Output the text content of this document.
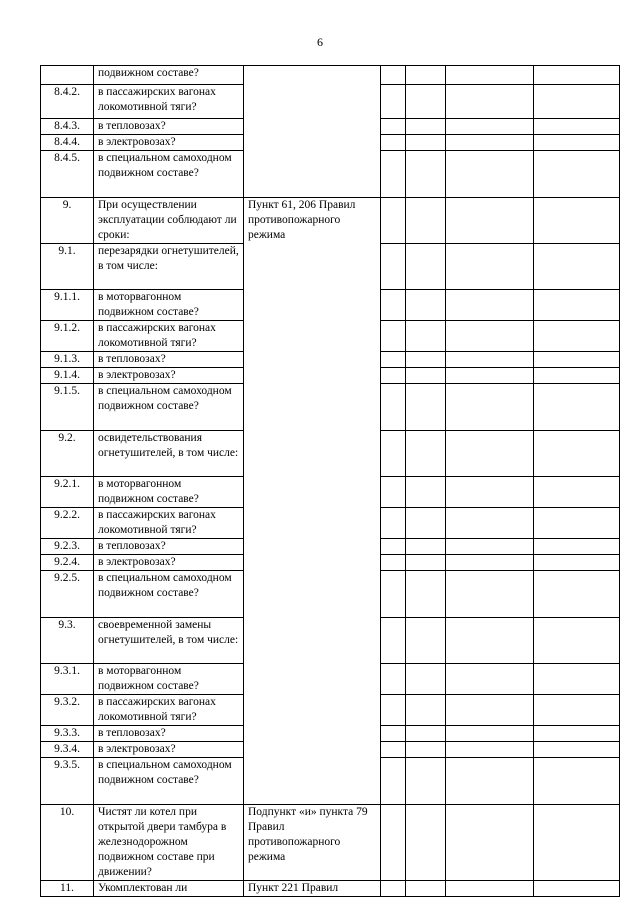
6
	подвижном составе?					
8.4.2.	в пассажирских вагонах локомотивной тяги?					
8.4.3.	в тепловозах?					
8.4.4.	в электровозах?					
8.4.5.	в специальном самоходном подвижном составе?					
9.	При осуществлении эксплуатации соблюдают ли сроки:	Пункт 61, 206 Правил противопожарного режима				
9.1.	перезарядки огнетушителей, в том числе:					
9.1.1.	в моторвагонном подвижном составе?					
9.1.2.	в пассажирских вагонах локомотивной тяги?					
9.1.3.	в тепловозах?					
9.1.4.	в электровозах?					
9.1.5.	в специальном самоходном подвижном составе?					
9.2.	освидетельствования огнетушителей, в том числе:					
9.2.1.	в моторвагонном подвижном составе?					
9.2.2.	в пассажирских вагонах локомотивной тяги?					
9.2.3.	в тепловозах?					
9.2.4.	в электровозах?					
9.2.5.	в специальном самоходном подвижном составе?					
9.3.	своевременной замены огнетушителей, в том числе:					
9.3.1.	в моторвагонном подвижном составе?					
9.3.2.	в пассажирских вагонах локомотивной тяги?					
9.3.3.	в тепловозах?					
9.3.4.	в электровозах?					
9.3.5.	в специальном самоходном подвижном составе?					
10.	Чистят ли котел при открытой двери тамбура в железнодорожном подвижном составе при движении?	Подпункт «и» пункта 79 Правил противопожарного режима				
11.	Укомплектован ли	Пункт 221 Правил				
